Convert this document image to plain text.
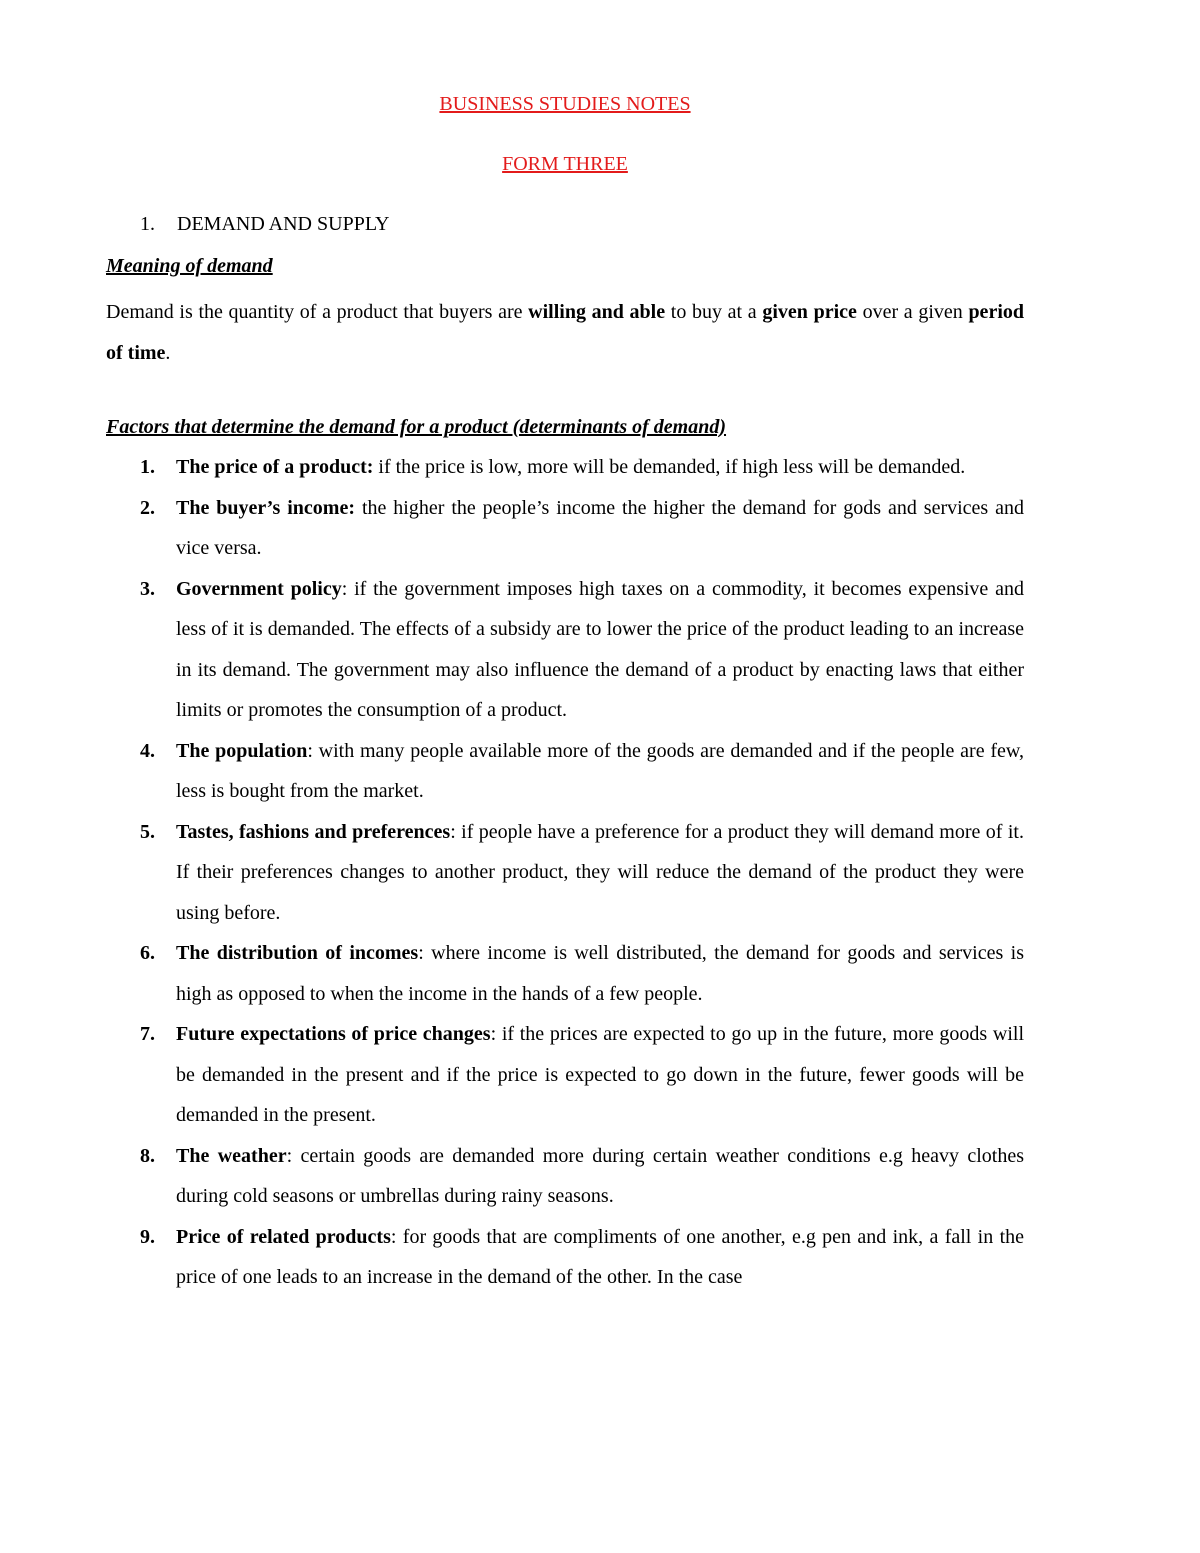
BUSINESS STUDIES NOTES
FORM THREE
1. DEMAND AND SUPPLY
Meaning of demand
Demand is the quantity of a product that buyers are willing and able to buy at a given price over a given period of time.
Factors that determine the demand for a product (determinants of demand)
1. The price of a product: if the price is low, more will be demanded, if high less will be demanded.
2. The buyer’s income: the higher the people’s income the higher the demand for gods and services and vice versa.
3. Government policy: if the government imposes high taxes on a commodity, it becomes expensive and less of it is demanded. The effects of a subsidy are to lower the price of the product leading to an increase in its demand. The government may also influence the demand of a product by enacting laws that either limits or promotes the consumption of a product.
4. The population: with many people available more of the goods are demanded and if the people are few, less is bought from the market.
5. Tastes, fashions and preferences: if people have a preference for a product they will demand more of it. If their preferences changes to another product, they will reduce the demand of the product they were using before.
6. The distribution of incomes: where income is well distributed, the demand for goods and services is high as opposed to when the income in the hands of a few people.
7. Future expectations of price changes: if the prices are expected to go up in the future, more goods will be demanded in the present and if the price is expected to go down in the future, fewer goods will be demanded in the present.
8. The weather: certain goods are demanded more during certain weather conditions e.g heavy clothes during cold seasons or umbrellas during rainy seasons.
9. Price of related products: for goods that are compliments of one another, e.g pen and ink, a fall in the price of one leads to an increase in the demand of the other. In the case
